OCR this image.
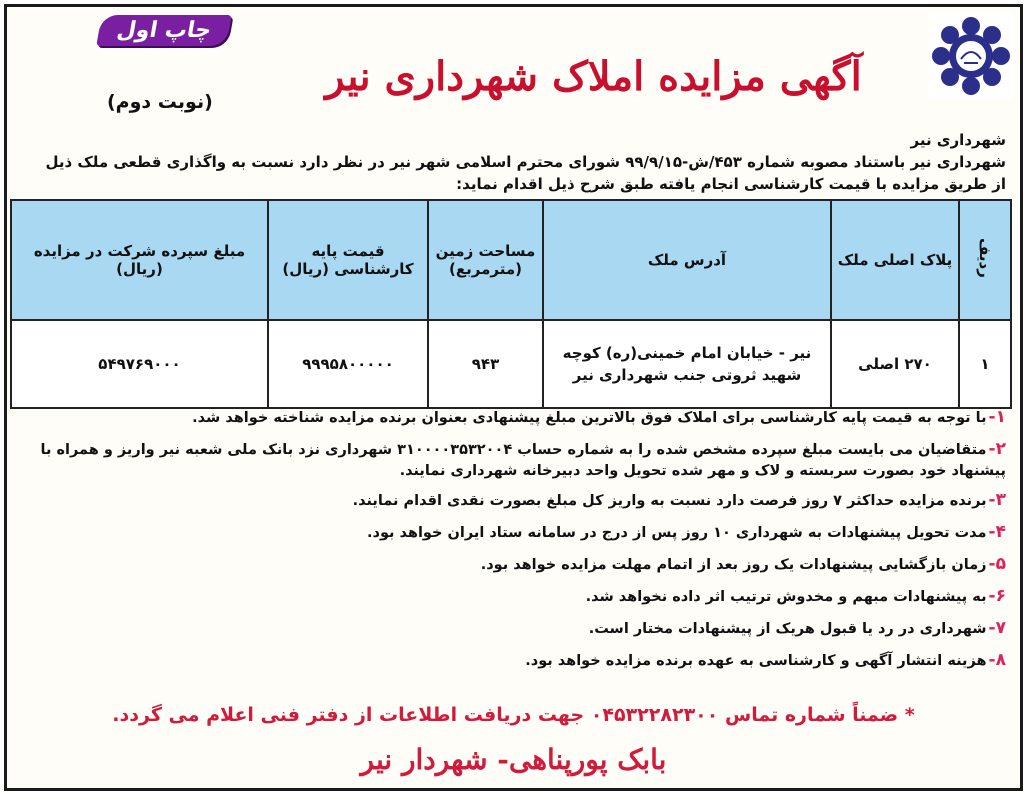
چاپ اول
آگهی مزایده املاک شهرداری نیر
(نوبت دوم)
شهرداری نیر
شهرداری نیر باستناد مصوبه شماره ۴۵۳/ش-۹۹/۹/۱۵ شورای محترم اسلامی شهر نیر در نظر دارد نسبت به واگذاری قطعی ملک ذیل
از طریق مزایده با قیمت کارشناسی انجام یافته طبق شرح ذیل اقدام نماید:
ردیف	پلاک اصلی ملک	آدرس ملک	مساحت زمین (مترمربع)	قیمت پایه کارشناسی (ریال)	مبلغ سپرده شرکت در مزایده (ریال)
۱	۲۷۰ اصلی	نیر - خیابان امام خمینی(ره) کوچه شهید ثروتی جنب شهرداری نیر	۹۴۳	۹۹۹۵۸۰۰۰۰۰	۵۴۹۷۶۹۰۰۰
۱-با توجه به قیمت پایه کارشناسی برای املاک فوق بالاترین مبلغ پیشنهادی بعنوان برنده مزایده شناخته خواهد شد.
۲-متقاضیان می بایست مبلغ سپرده مشخص شده را به شماره حساب ۳۱۰۰۰۰۳۵۳۲۰۰۴ شهرداری نزد بانک ملی شعبه نیر واریز و همراه با پیشنهاد خود بصورت سربسته و لاک و مهر شده تحویل واحد دبیرخانه شهرداری نمایند.
۳-برنده مزایده حداکثر ۷ روز فرصت دارد نسبت به واریز کل مبلغ بصورت نقدی اقدام نمایند.
۴-مدت تحویل پیشنهادات به شهرداری ۱۰ روز پس از درج در سامانه ستاد ایران خواهد بود.
۵-زمان بازگشایی پیشنهادات یک روز بعد از اتمام مهلت مزایده خواهد بود.
۶-به پیشنهادات مبهم و مخدوش ترتیب اثر داده نخواهد شد.
۷-شهرداری در رد یا قبول هریک از پیشنهادات مختار است.
۸-هزینه انتشار آگهی و کارشناسی به عهده برنده مزایده خواهد بود.
* ضمناً شماره تماس ۰۴۵۳۲۲۸۲۳۰۰ جهت دریافت اطلاعات از دفتر فنی اعلام می گردد.
بابک پورپناهی- شهردار نیر
